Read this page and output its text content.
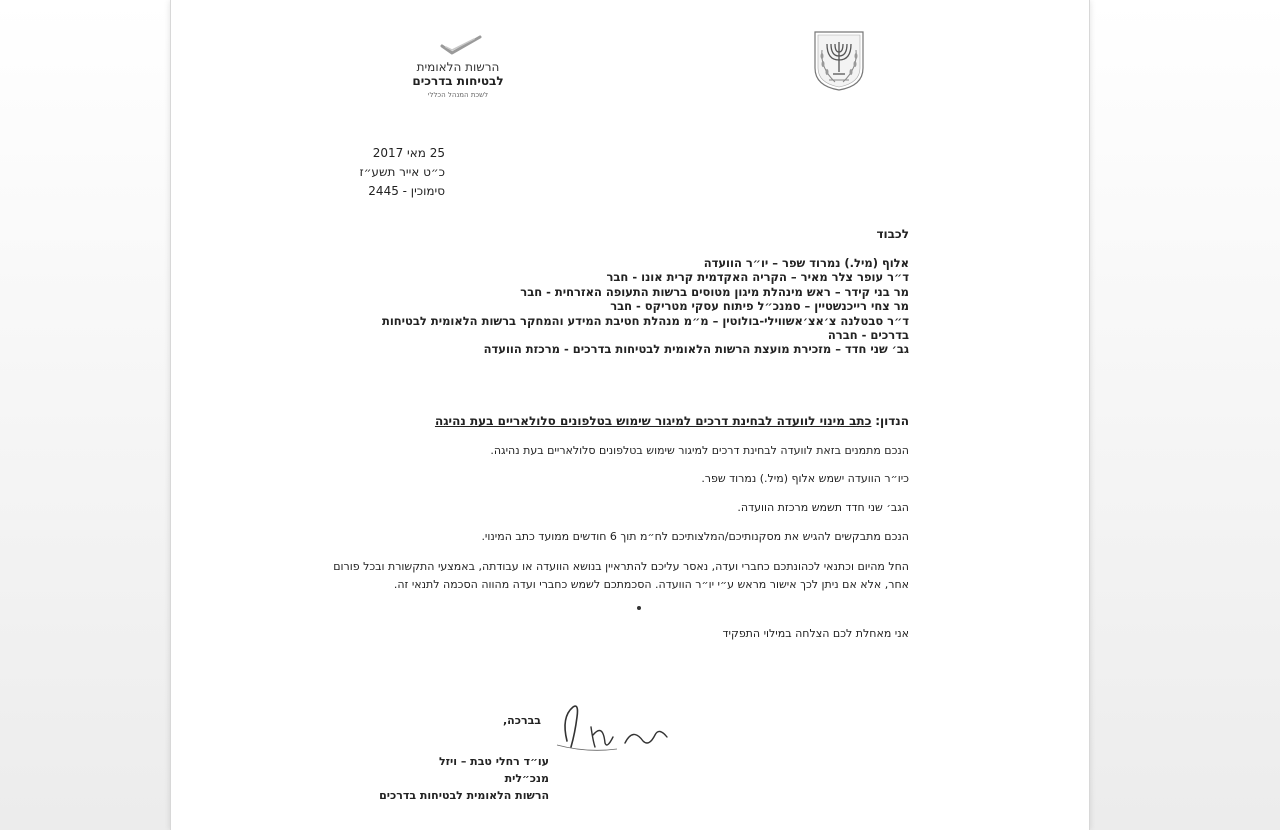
הרשות הלאומית
לבטיחות בדרכים
לשכת המנהל הכללי
25 מאי 2017
כ״ט אייר תשע״ז
סימוכין - 2445
לכבוד
אלוף (מיל.) נמרוד שפר – יו״ר הוועדה
ד״ר עופר צלר מאיר – הקריה האקדמית קרית אונו - חבר
מר בני קידר – ראש מינהלת מיגון מטוסים ברשות התעופה האזרחית - חבר
מר צחי רייכנשטיין – סמנכ״ל פיתוח עסקי מטריקס - חבר
ד״ר סבטלנה צ׳אצ׳אשווילי-בולוטין – מ״מ מנהלת חטיבת המידע והמחקר ברשות הלאומית לבטיחות
בדרכים - חברה
גב׳ שני חדד – מזכירת מועצת הרשות הלאומית לבטיחות בדרכים - מרכזת הוועדה
הנדון: כתב מינוי לוועדה לבחינת דרכים למיגור שימוש בטלפונים סלולאריים בעת נהיגה
הנכם מתמנים בזאת לוועדה לבחינת דרכים למיגור שימוש בטלפונים סלולאריים בעת נהיגה.
כיו״ר הוועדה ישמש אלוף (מיל.) נמרוד שפר.
הגב׳ שני חדד תשמש מרכזת הוועדה.
הנכם מתבקשים להגיש את מסקנותיכם/המלצותיכם לח״מ תוך 6 חודשים ממועד כתב המינוי.
החל מהיום וכתנאי לכהונתכם כחברי ועדה, נאסר עליכם להתראיין בנושא הוועדה או עבודתה, באמצעי התקשורת ובכל פורום אחר, אלא אם ניתן לכך אישור מראש ע״י יו״ר הוועדה. הסכמתכם לשמש כחברי ועדה מהווה הסכמה לתנאי זה.
אני מאחלת לכם הצלחה במילוי התפקיד
בברכה,
עו״ד רחלי טבת – ויזל
מנכ״לית
הרשות הלאומית לבטיחות בדרכים
